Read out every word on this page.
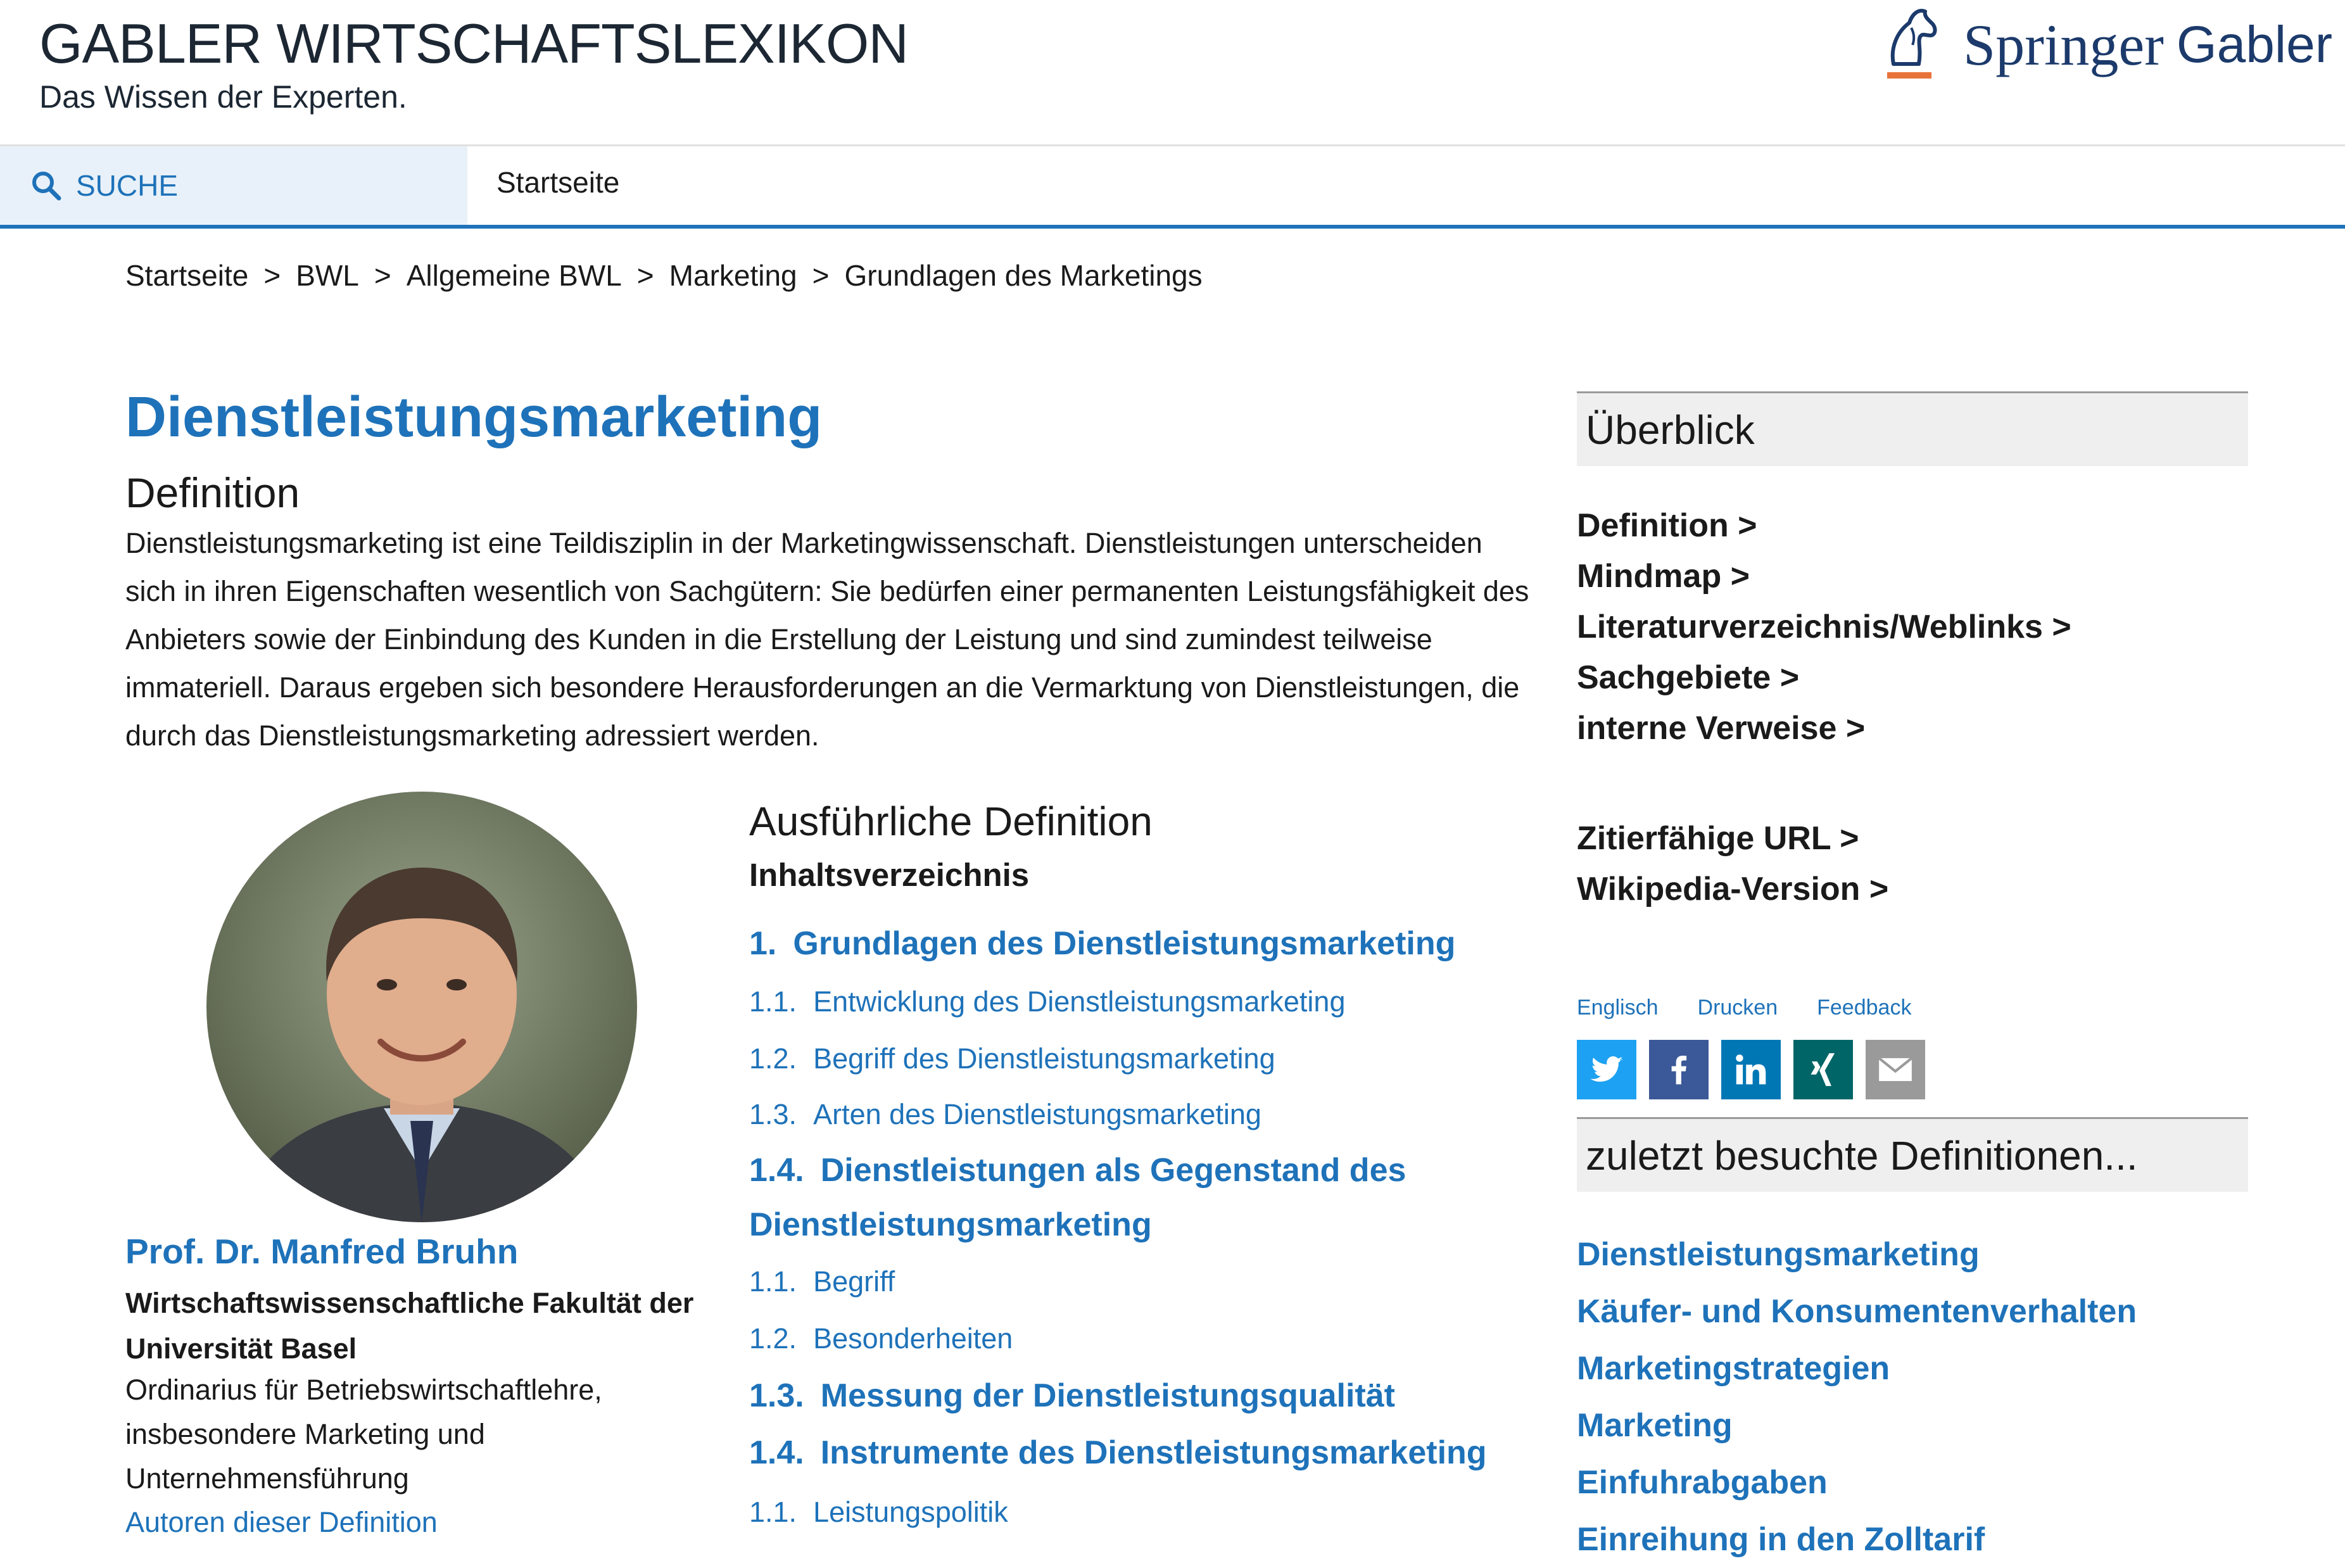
GABLER WIRTSCHAFTSLEXIKON
Das Wissen der Experten.
Springer Gabler
SUCHE	Startseite
Startseite > BWL > Allgemeine BWL > Marketing > Grundlagen des Marketings
Dienstleistungsmarketing
Definition
Dienstleistungsmarketing ist eine Teildisziplin in der Marketingwissenschaft. Dienstleistungen unterscheiden sich in ihren Eigenschaften wesentlich von Sachgütern: Sie bedürfen einer permanenten Leistungsfähigkeit des Anbieters sowie der Einbindung des Kunden in die Erstellung der Leistung und sind zumindest teilweise immateriell. Daraus ergeben sich besondere Herausforderungen an die Vermarktung von Dienstleistungen, die durch das Dienstleistungsmarketing adressiert werden.
Prof. Dr. Manfred Bruhn
Wirtschaftswissenschaftliche Fakultät der Universität Basel
Ordinarius für Betriebswirtschaftlehre, insbesondere Marketing und Unternehmensführung
Autoren dieser Definition
Ausführliche Definition
Inhaltsverzeichnis
1. Grundlagen des Dienstleistungsmarketing
1.1. Entwicklung des Dienstleistungsmarketing
1.2. Begriff des Dienstleistungsmarketing
1.3. Arten des Dienstleistungsmarketing
1.4. Dienstleistungen als Gegenstand des
Dienstleistungsmarketing
1.1. Begriff
1.2. Besonderheiten
1.3. Messung der Dienstleistungsqualität
1.4. Instrumente des Dienstleistungsmarketing
1.1. Leistungspolitik
Überblick
Definition >
Mindmap >
Literaturverzeichnis/Weblinks >
Sachgebiete >
interne Verweise >
Zitierfähige URL >
Wikipedia-Version >
Englisch Drucken Feedback
zuletzt besuchte Definitionen...
Dienstleistungsmarketing
Käufer- und Konsumentenverhalten
Marketingstrategien
Marketing
Einfuhrabgaben
Einreihung in den Zolltarif
